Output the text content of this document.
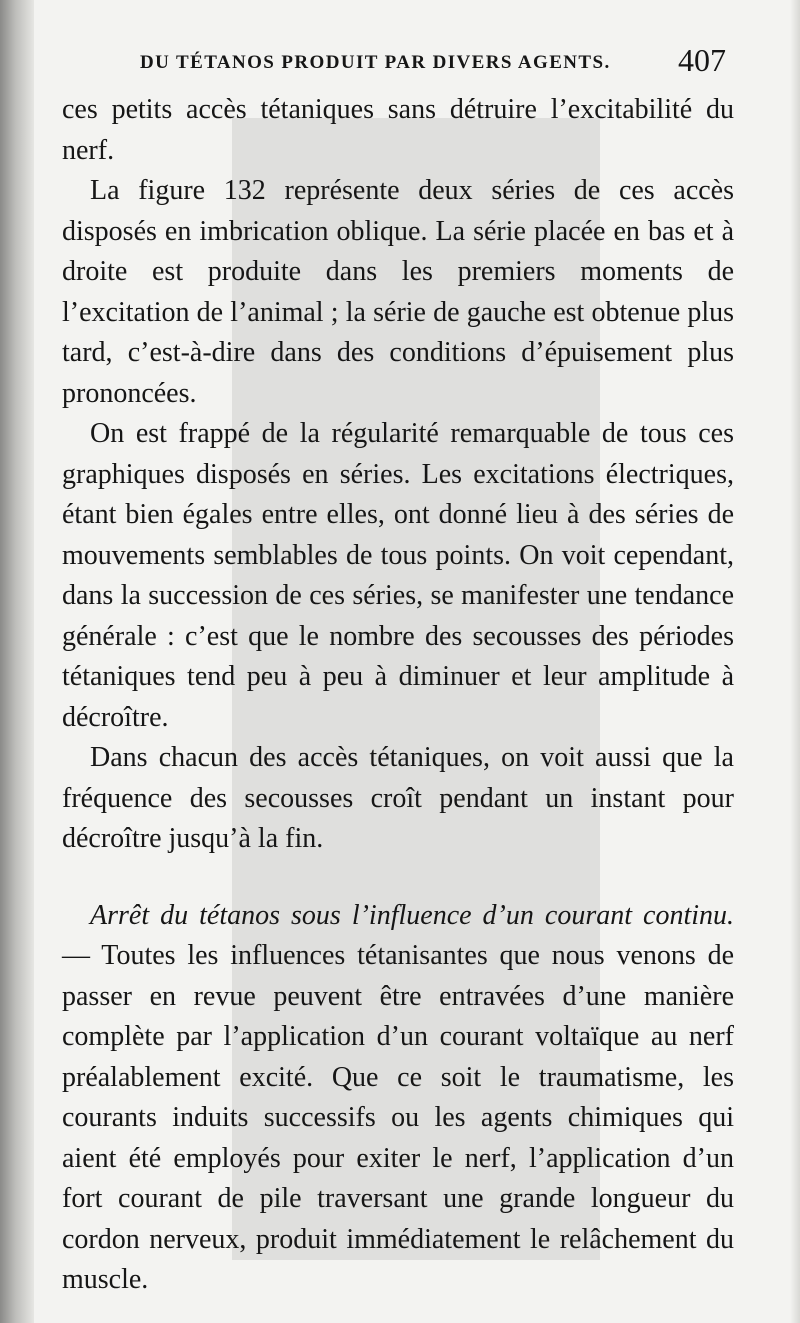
DU TÉTANOS PRODUIT PAR DIVERS AGENTS. 407

ces petits accès tétaniques sans détruire l’excitabilité du nerf.

La figure 132 représente deux séries de ces accès disposés en imbrication oblique. La série placée en bas et à droite est produite dans les premiers moments de l’excitation de l’animal ; la série de gauche est obtenue plus tard, c’est-à-dire dans des conditions d’épuisement plus prononcées.

On est frappé de la régularité remarquable de tous ces graphiques disposés en séries. Les excitations électriques, étant bien égales entre elles, ont donné lieu à des séries de mouvements semblables de tous points. On voit cependant, dans la succession de ces séries, se manifester une tendance générale : c’est que le nombre des secousses des périodes tétaniques tend peu à peu à diminuer et leur amplitude à décroître.

Dans chacun des accès tétaniques, on voit aussi que la fréquence des secousses croît pendant un instant pour décroître jusqu’à la fin.

Arrêt du tétanos sous l’influence d’un courant continu. — Toutes les influences tétanisantes que nous venons de passer en revue peuvent être entravées d’une manière complète par l’application d’un courant voltaïque au nerf préalablement excité. Que ce soit le traumatisme, les courants induits successifs ou les agents chimiques qui aient été employés pour exiter le nerf, l’application d’un fort courant de pile traversant une grande longueur du cordon nerveux, produit immédiatement le relâchement du muscle.
